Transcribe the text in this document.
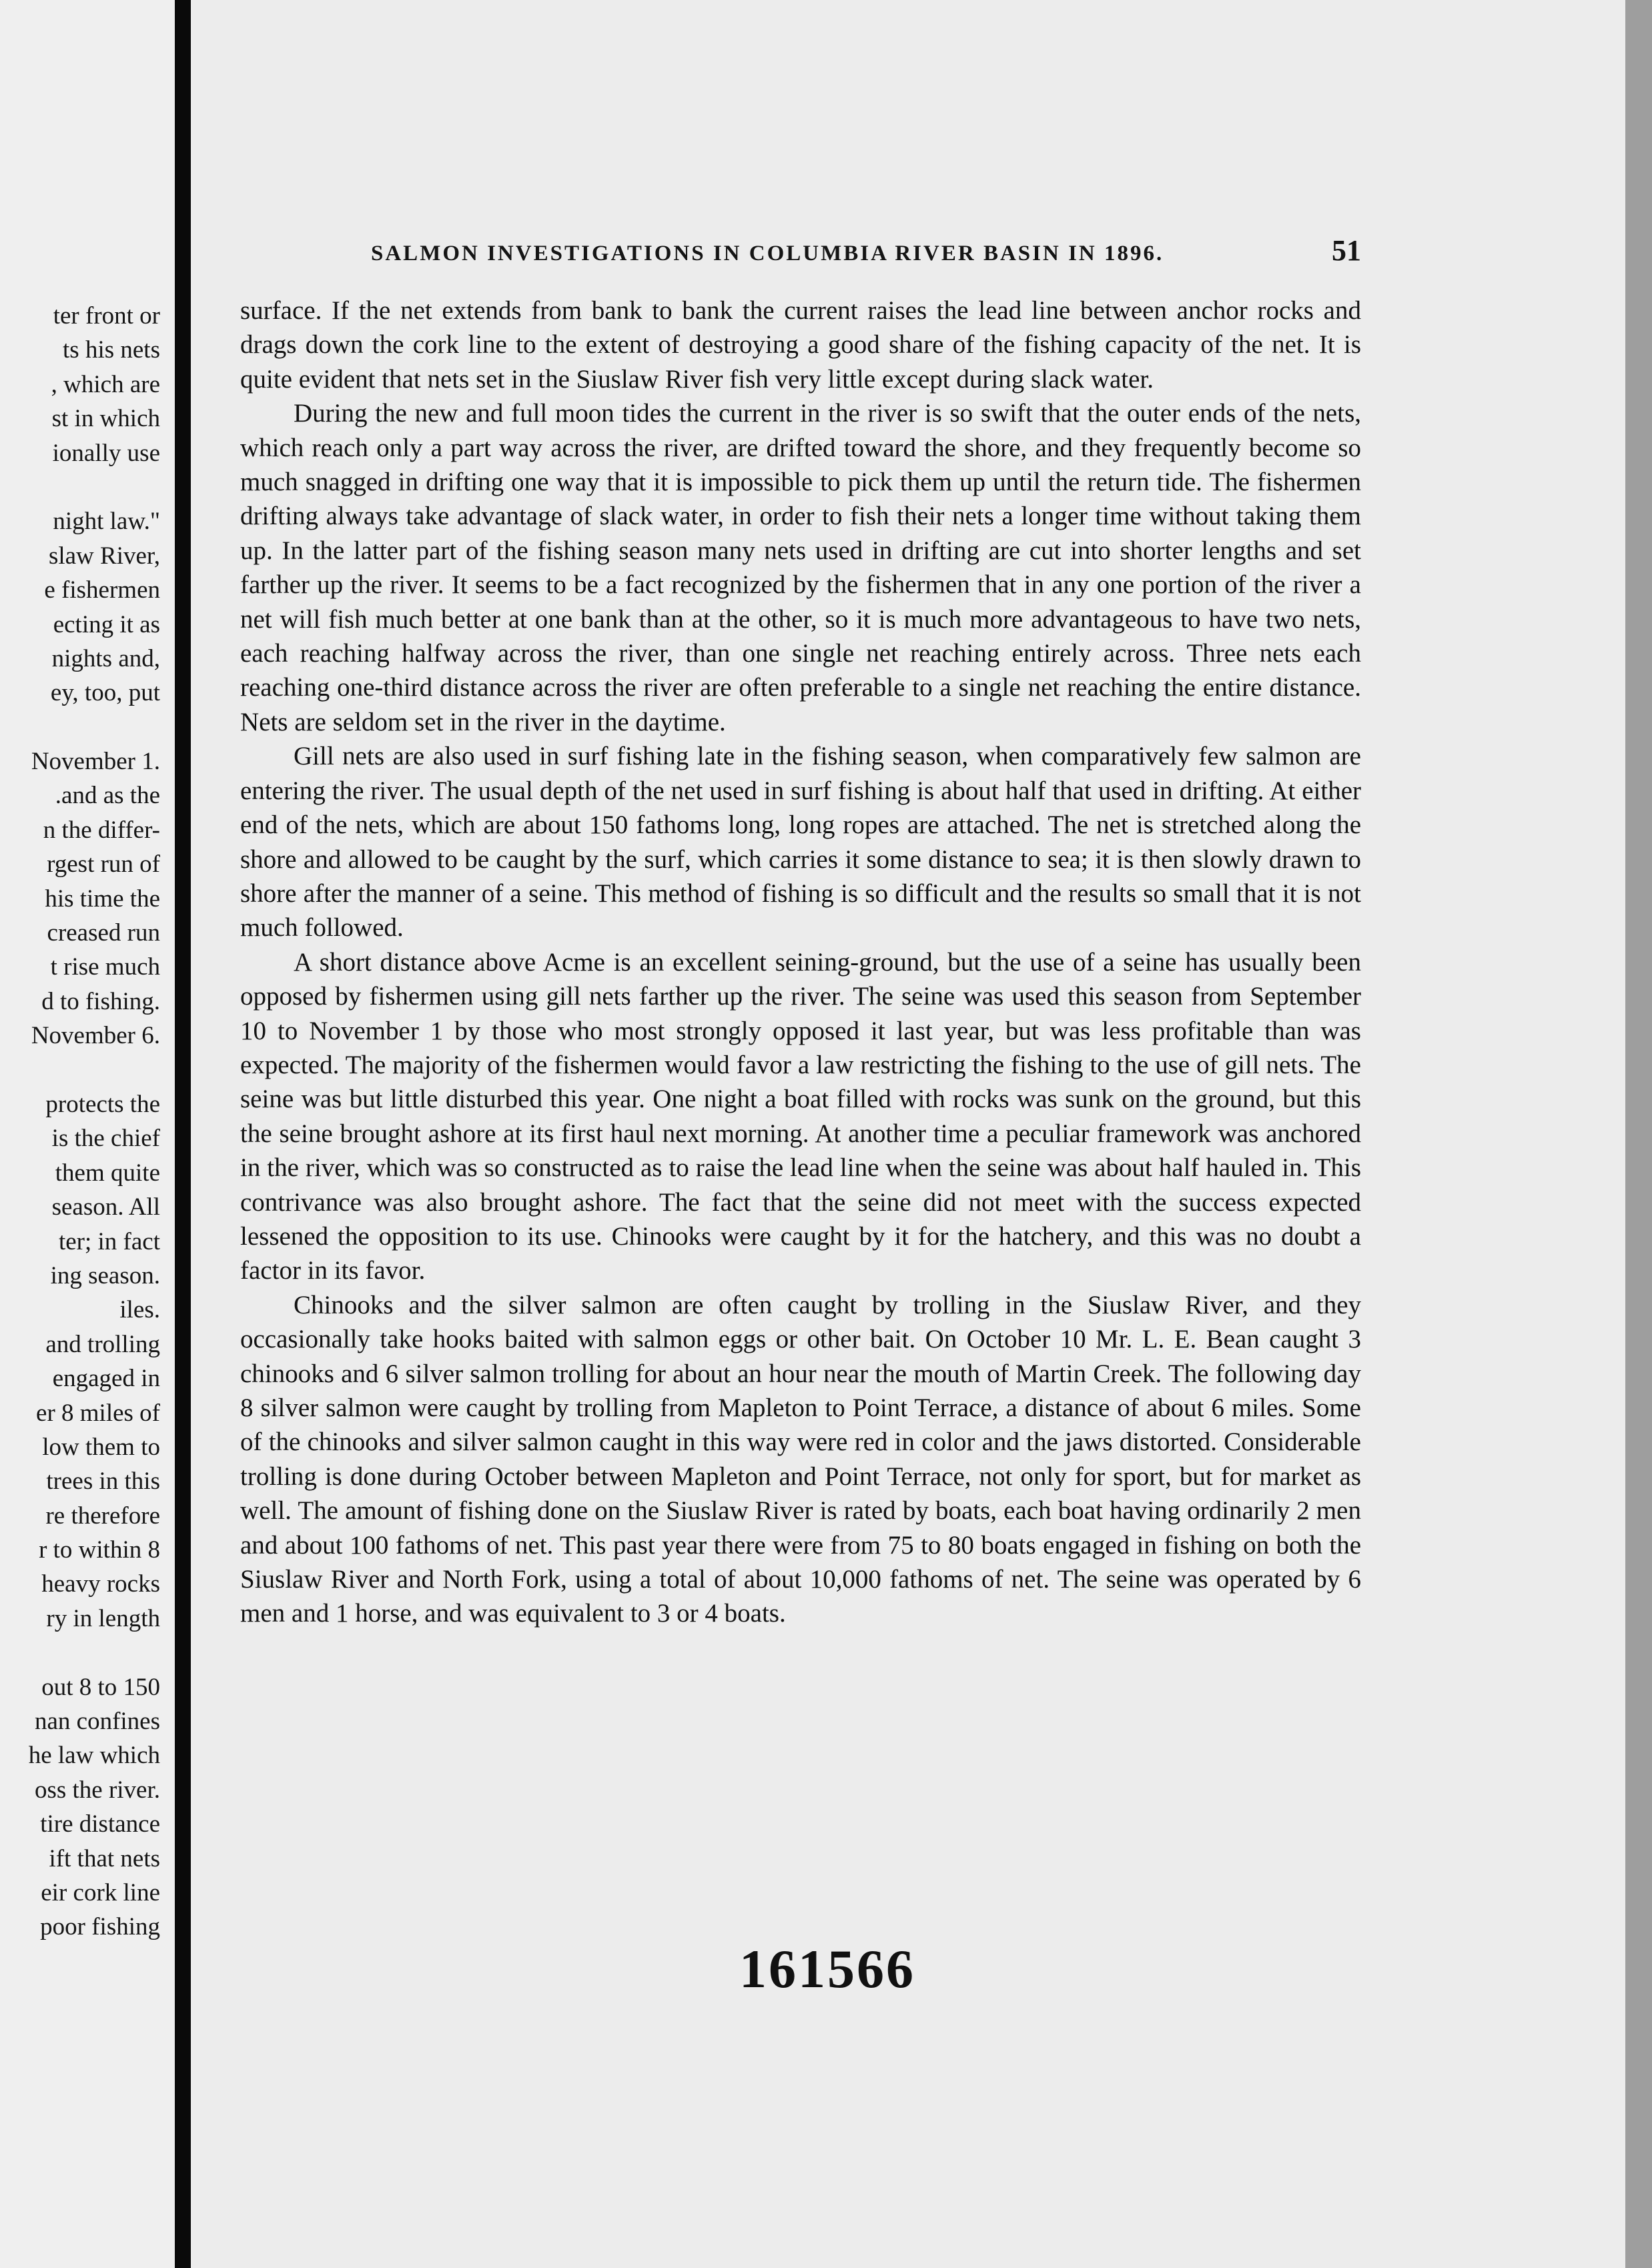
ter front or
ts his nets
, which are
st in which
ionally use
night law."
slaw River,
e fishermen
ecting it as
nights and,
ey, too, put
November 1.
.and as the
n the differ-
rgest run of
his time the
creased run
t rise much
d to fishing.
November 6.
protects the
is the chief
them quite
season. All
ter; in fact
ing season.
iles.
and trolling
engaged in
er 8 miles of
low them to
trees in this
re therefore
r to within 8
heavy rocks
ry in length
out 8 to 150
nan confines
he law which
oss the river.
tire distance
ift that nets
eir cork line
poor fishing
SALMON INVESTIGATIONS IN COLUMBIA RIVER BASIN IN 1896.	51

surface. If the net extends from bank to bank the current raises the lead line between anchor rocks and drags down the cork line to the extent of destroying a good share of the fishing capacity of the net. It is quite evident that nets set in the Siuslaw River fish very little except during slack water.

During the new and full moon tides the current in the river is so swift that the outer ends of the nets, which reach only a part way across the river, are drifted toward the shore, and they frequently become so much snagged in drifting one way that it is impossible to pick them up until the return tide. The fishermen drifting always take advantage of slack water, in order to fish their nets a longer time without taking them up. In the latter part of the fishing season many nets used in drifting are cut into shorter lengths and set farther up the river. It seems to be a fact recognized by the fishermen that in any one portion of the river a net will fish much better at one bank than at the other, so it is much more advantageous to have two nets, each reaching halfway across the river, than one single net reaching entirely across. Three nets each reaching one-third distance across the river are often preferable to a single net reaching the entire distance. Nets are seldom set in the river in the daytime.

Gill nets are also used in surf fishing late in the fishing season, when comparatively few salmon are entering the river. The usual depth of the net used in surf fishing is about half that used in drifting. At either end of the nets, which are about 150 fathoms long, long ropes are attached. The net is stretched along the shore and allowed to be caught by the surf, which carries it some distance to sea; it is then slowly drawn to shore after the manner of a seine. This method of fishing is so difficult and the results so small that it is not much followed.

A short distance above Acme is an excellent seining-ground, but the use of a seine has usually been opposed by fishermen using gill nets farther up the river. The seine was used this season from September 10 to November 1 by those who most strongly opposed it last year, but was less profitable than was expected. The majority of the fishermen would favor a law restricting the fishing to the use of gill nets. The seine was but little disturbed this year. One night a boat filled with rocks was sunk on the ground, but this the seine brought ashore at its first haul next morning. At another time a peculiar framework was anchored in the river, which was so constructed as to raise the lead line when the seine was about half hauled in. This contrivance was also brought ashore. The fact that the seine did not meet with the success expected lessened the opposition to its use. Chinooks were caught by it for the hatchery, and this was no doubt a factor in its favor.

Chinooks and the silver salmon are often caught by trolling in the Siuslaw River, and they occasionally take hooks baited with salmon eggs or other bait. On October 10 Mr. L. E. Bean caught 3 chinooks and 6 silver salmon trolling for about an hour near the mouth of Martin Creek. The following day 8 silver salmon were caught by trolling from Mapleton to Point Terrace, a distance of about 6 miles. Some of the chinooks and silver salmon caught in this way were red in color and the jaws distorted. Considerable trolling is done during October between Mapleton and Point Terrace, not only for sport, but for market as well. The amount of fishing done on the Siuslaw River is rated by boats, each boat having ordinarily 2 men and about 100 fathoms of net. This past year there were from 75 to 80 boats engaged in fishing on both the Siuslaw River and North Fork, using a total of about 10,000 fathoms of net. The seine was operated by 6 men and 1 horse, and was equivalent to 3 or 4 boats.

161566
